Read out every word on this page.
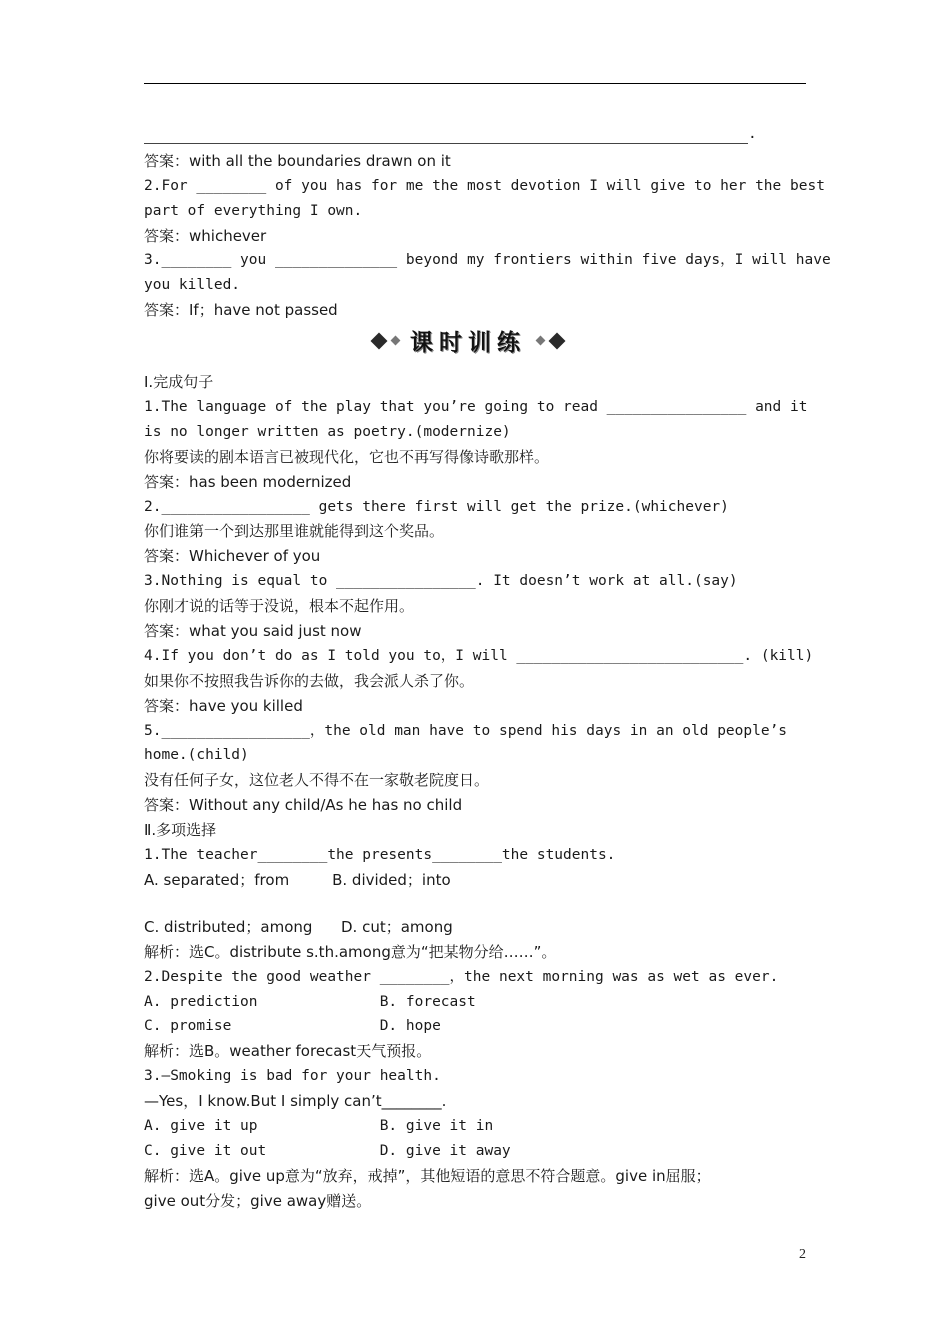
.
答案：with all the boundaries drawn on it
2.For ________ of you has for me the most devotion I will give to her the best
part of everything I own.
答案：whichever
3.________ you ______________ beyond my frontiers within five days，I will have
you killed.
答案：If；have not passed
课时训练
Ⅰ.完成句子
1.The language of the play that you’re going to read ________________ and it
is no longer written as poetry.(modernize)
你将要读的剧本语言已被现代化，它也不再写得像诗歌那样。
答案：has been modernized
2._________________ gets there first will get the prize.(whichever)
你们谁第一个到达那里谁就能得到这个奖品。
答案：Whichever of you
3.Nothing is equal to ________________. It doesn’t work at all.(say)
你刚才说的话等于没说，根本不起作用。
答案：what you said just now
4.If you don’t do as I told you to，I will __________________________. (kill)
如果你不按照我告诉你的去做，我会派人杀了你。
答案：have you killed
5._________________，the old man have to spend his days in an old people’s
home.(child)
没有任何子女，这位老人不得不在一家敬老院度日。
答案：Without any child/As he has no child
Ⅱ.多项选择
1.The teacher________the presents________the students.
A. separated；from         B. divided；into
C. distributed；among      D. cut；among
解析：选C。distribute s.th.among意为“把某物分给……”。
2.Despite the good weather ________，the next morning was as wet as ever.
A. prediction              B. forecast
C. promise                 D. hope
解析：选B。weather forecast天气预报。
3.—Smoking is bad for your health.
—Yes，I know.But I simply can’t________.
A. give it up              B. give it in
C. give it out             D. give it away
解析：选A。give up意为“放弃，戒掉”，其他短语的意思不符合题意。give in屈服；
give out分发；give away赠送。
2
